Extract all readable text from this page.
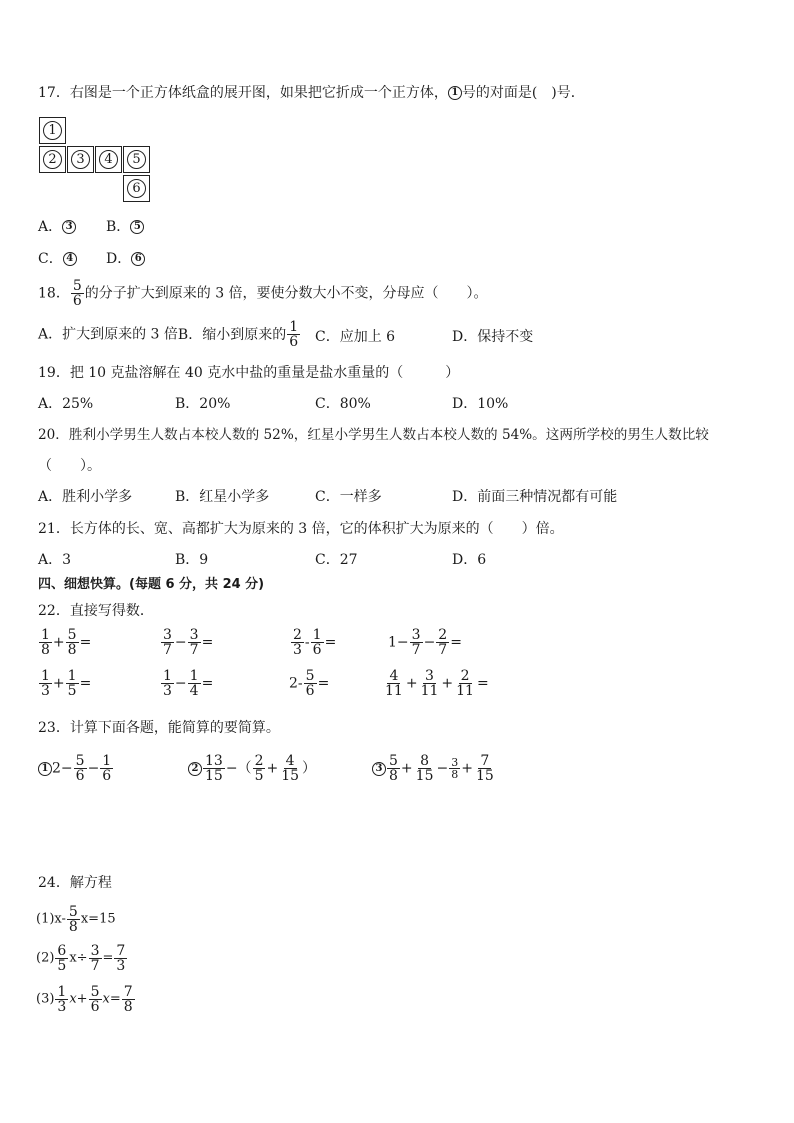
17．右图是一个正方体纸盒的展开图，如果把它折成一个正方体， 1 号的对面是(　)号．
1
2	3	4	5
6
A． 3 B． 5
C． 4 D． 6
18． $\frac{5}{6}$ 的分子扩大到原来的 3 倍，要使分数大小不变，分母应（　　）。
A．扩大到原来的 3 倍B．缩小到原来的 $\frac{1}{6}$ C．应加上 6	D．保持不变
19．把 10 克盐溶解在 40 克水中盐的重量是盐水重量的（　　　）
A．25%	B．20%	C．80%	D．10%
20．胜利小学男生人数占本校人数的 52%，红星小学男生人数占本校人数的 54%。这两所学校的男生人数比较
（　　）。
A．胜利小学多	B．红星小学多	C．一样多	D．前面三种情况都有可能
21．长方体的长、宽、高都扩大为原来的 3 倍，它的体积扩大为原来的（　　）倍。
A．3	B．9	C．27	D．6
四、细想快算。(每题 6 分，共 24 分)
22．直接写得数．
$\frac{1}{8} + \frac{5}{8}$ =	$\frac{3}{7} - \frac{3}{7}$ =	$\frac{2}{3} - \frac{1}{6}$ =	$1- \frac{3}{7} - \frac{2}{7}$ =
$\frac{1}{3} + \frac{1}{5}$ =	$\frac{1}{3} - \frac{1}{4}$ =	$2- \frac{5}{6}$ =	$\frac{4}{11} + \frac{3}{11} + \frac{2}{11}$ =
23．计算下面各题，能简算的要简算。
1 $2- \frac{5}{6} - \frac{1}{6}$	$2 \frac{13}{15}$ −（ $\frac{2}{5} + \frac{4}{15}$ ）	$3 \frac{5}{8} + \frac{8}{15} - \frac{3}{8} + \frac{7}{15}$
24．解方程
$(1)x- \frac{5}{8} x=15$
$(2) \frac{6}{5} x\div \frac{3}{7} = \frac{7}{3}$
$(3) \frac{1}{3} x+ \frac{5}{6} x= \frac{7}{8}$
